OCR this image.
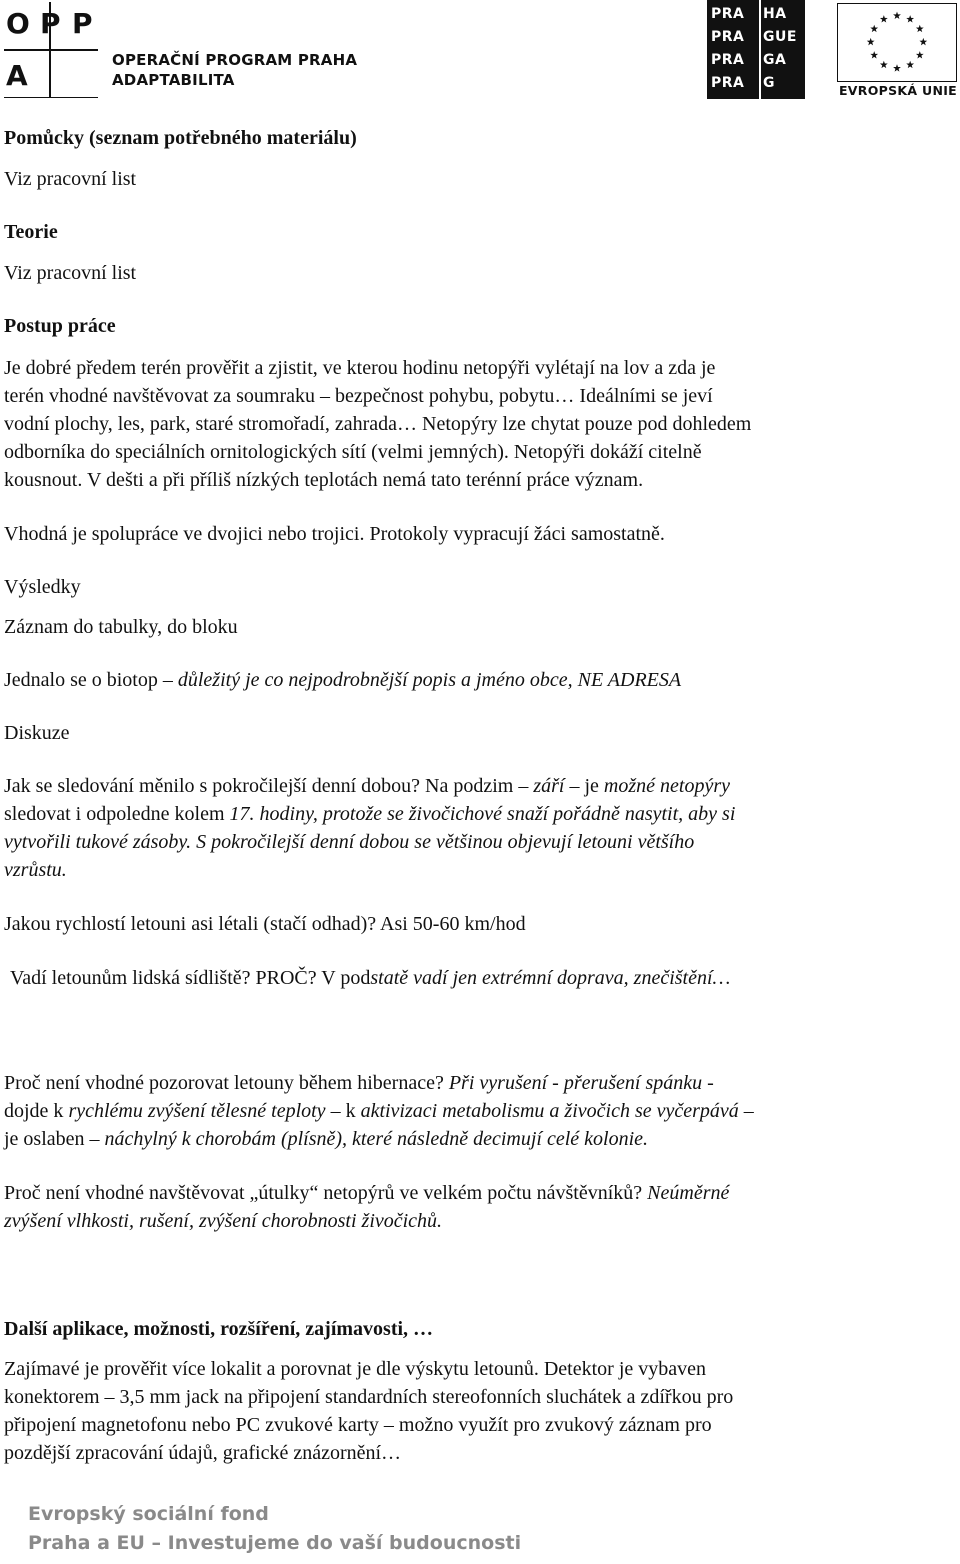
O P P
A	OPERAČNÍ PROGRAM PRAHA
ADAPTABILITA
PRA	HA
PRA	GUE
PRA	GA
PRA	G	EVROPSKÁ UNIE
Pomůcky (seznam potřebného materiálu)
Viz pracovní list
Teorie
Viz pracovní list
Postup práce
Je dobré předem terén prověřit a zjistit, ve kterou hodinu netopýři vylétají na lov a zda je
terén vhodné navštěvovat za soumraku – bezpečnost pohybu, pobytu… Ideálními se jeví
vodní plochy, les, park, staré stromořadí, zahrada… Netopýry lze chytat pouze pod dohledem
odborníka do speciálních ornitologických sítí (velmi jemných). Netopýři dokáží citelně
kousnout. V dešti a při příliš nízkých teplotách nemá tato terénní práce význam.
Vhodná je spolupráce ve dvojici nebo trojici. Protokoly vypracují žáci samostatně.
Výsledky
Záznam do tabulky, do bloku
Jednalo se o biotop – důležitý je co nejpodrobnější popis a jméno obce, NE ADRESA
Diskuze
Jak se sledování měnilo s pokročilejší denní dobou? Na podzim – září – je možné netopýry
sledovat i odpoledne kolem 17. hodiny, protože se živočichové snaží pořádně nasytit, aby si
vytvořili tukové zásoby. S pokročilejší denní dobou se většinou objevují letouni většího
vzrůstu.
Jakou rychlostí letouni asi létali (stačí odhad)? Asi 50-60 km/hod
Vadí letounům lidská sídliště? PROČ? V podstatě vadí jen extrémní doprava, znečištění…
Proč není vhodné pozorovat letouny během hibernace? Při vyrušení - přerušení spánku -
dojde k rychlému zvýšení tělesné teploty – k aktivizaci metabolismu a živočich se vyčerpává –
je oslaben – náchylný k chorobám (plísně), které následně decimují celé kolonie.
Proč není vhodné navštěvovat „útulky“ netopýrů ve velkém počtu návštěvníků? Neúměrné
zvýšení vlhkosti, rušení, zvýšení chorobnosti živočichů.
Další aplikace, možnosti, rozšíření, zajímavosti, …
Zajímavé je prověřit více lokalit a porovnat je dle výskytu letounů. Detektor je vybaven
konektorem – 3,5 mm jack na připojení standardních stereofonních sluchátek a zdířkou pro
připojení magnetofonu nebo PC zvukové karty – možno využít pro zvukový záznam pro
pozdější zpracování údajů, grafické znázornění…
Evropský sociální fond
Praha a EU – Investujeme do vaší budoucnosti
